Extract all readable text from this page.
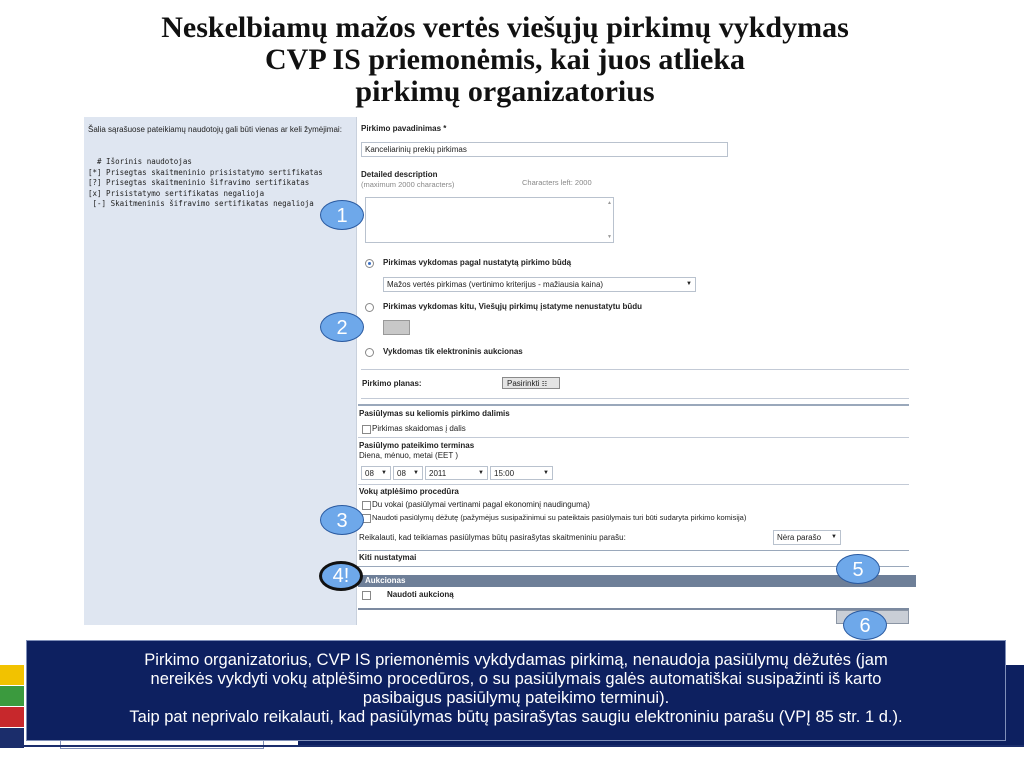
Neskelbiamų mažos vertės viešųjų pirkimų vykdymas
CVP IS priemonėmis, kai juos atlieka
pirkimų organizatorius
Šalia sąrašuose pateikiamų naudotojų gali būti vienas ar keli žymėjimai:
# Išorinis naudotojas
[*] Prisegtas skaitmeninio prisistatymo sertifikatas
[?] Prisegtas skaitmeninio šifravimo sertifikatas
[x] Prisistatymo sertifikatas negalioja
[-] Skaitmeninis šifravimo sertifikatas negalioja
Pirkimo pavadinimas *
Kanceliarinių prekių pirkimas
Detailed description
(maximum 2000 characters)	Characters left: 2000
▲
▼
Pirkimas vykdomas pagal nustatytą pirkimo būdą
Mažos vertės pirkimas (vertinimo kriterijus - mažiausia kaina)	▼
Pirkimas vykdomas kitu, Viešųjų pirkimų įstatyme nenustatytu būdu
Vykdomas tik elektroninis aukcionas
Pirkimo planas:	Pasirinkti ☷
Pasiūlymas su keliomis pirkimo dalimis
Pirkimas skaidomas į dalis
Pasiūlymo pateikimo terminas
Diena, mėnuo, metai (EET )
08 ▼	08 ▼	2011	▼	15:00	▼
Vokų atplėšimo procedūra
Du vokai (pasiūlymai vertinami pagal ekonominį naudingumą)
Naudoti pasiūlymų dėžutę (pažymėjus susipažinimui su pateiktais pasiūlymais turi būti sudaryta pirkimo komisija)
Reikalauti, kad teikiamas pasiūlymas būtų pasirašytas skaitmeniniu parašu:	Nėra parašo ▼
Kiti nustatymai
Aukcionas
Naudoti aukcioną
1
2
3
4!	5
6
Pirkimo organizatorius, CVP IS priemonėmis vykdydamas pirkimą, nenaudoja pasiūlymų dėžutės (jam
nereikės vykdyti vokų atplėšimo procedūros, o su pasiūlymais galės automatiškai susipažinti iš karto
pasibaigus pasiūlymų pateikimo terminui).
Taip pat neprivalo reikalauti, kad pasiūlymas būtų pasirašytas saugiu elektroniniu parašu (VPĮ 85 str. 1 d.).
